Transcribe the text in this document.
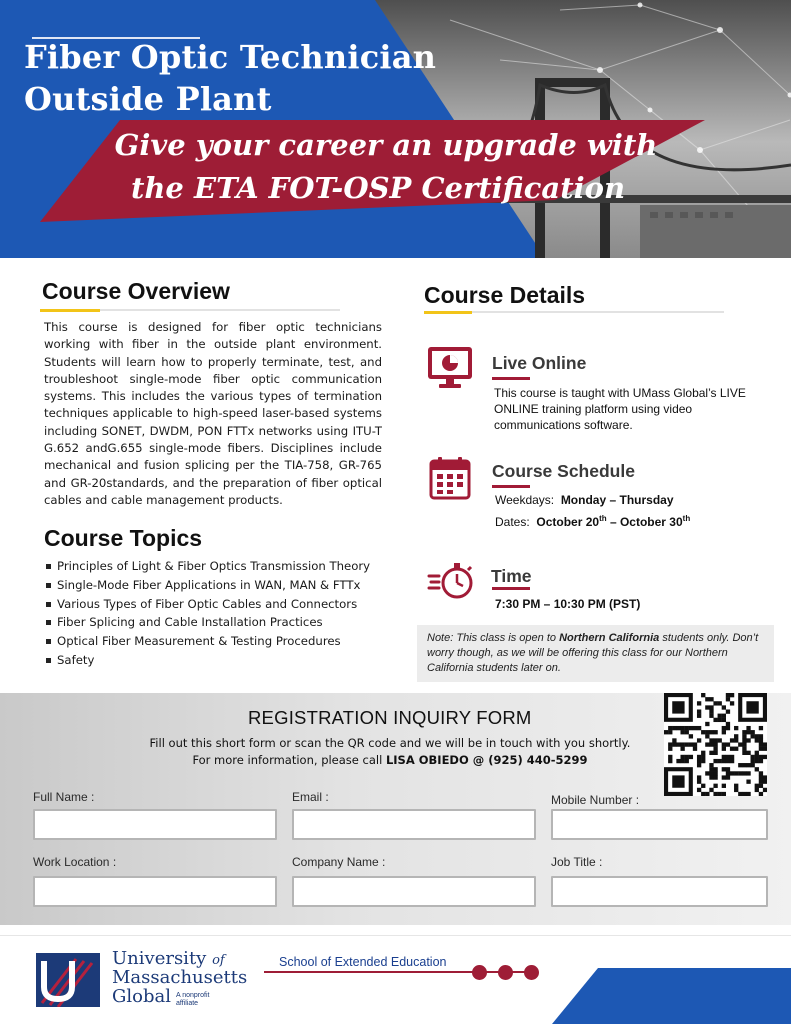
Fiber Optic Technician
Outside Plant
Give your career an upgrade with
the ETA FOT-OSP Certification
Course Overview
This course is designed for fiber optic technicians working with fiber in the outside plant environment. Students will learn how to properly terminate, test, and troubleshoot single-mode fiber optic communication systems. This includes the various types of termination techniques applicable to high-speed laser-based systems including SONET, DWDM, PON FTTx networks using ITU-T G.652 andG.655 single-mode fibers. Disciplines include mechanical and fusion splicing per the TIA-758, GR-765 and GR-20standards, and the preparation of fiber optical cables and cable management products.
Course Topics
Principles of Light & Fiber Optics Transmission Theory
Single-Mode Fiber Applications in WAN, MAN & FTTx
Various Types of Fiber Optic Cables and Connectors
Fiber Splicing and Cable Installation Practices
Optical Fiber Measurement & Testing Procedures
Safety
Course Details
Live Online
This course is taught with UMass Global’s LIVE ONLINE training platform using video communications software.
Course Schedule
Weekdays: Monday – Thursday
Dates: October 20th – October 30th
Time
7:30 PM – 10:30 PM (PST)
Note: This class is open to Northern California students only. Don’t worry though, as we will be offering this class for our Northern California students later on.
REGISTRATION INQUIRY FORM
Fill out this short form or scan the QR code and we will be in touch with you shortly.
For more information, please call LISA OBIEDO @ (925) 440-5299
Full Name :	Email :	Mobile Number :
Work Location :	Company Name :	Job Title :
University of
Massachusetts
Global A nonprofit
affiliate
School of Extended Education
